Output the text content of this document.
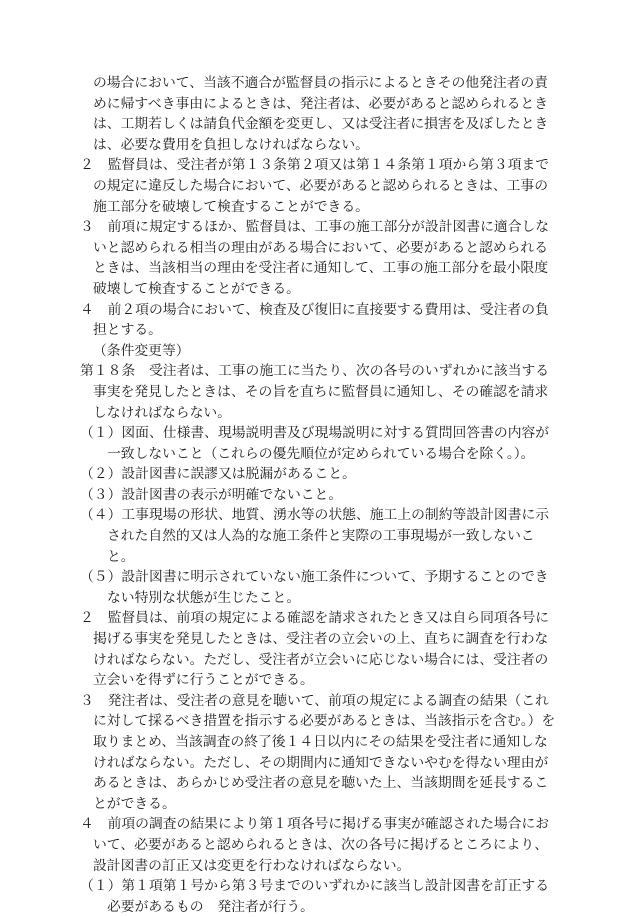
の場合において、当該不適合が監督員の指示によるときその他発注者の責めに帰すべき事由によるときは、発注者は、必要があると認められるときは、工期若しくは請負代金額を変更し、又は受注者に損害を及ぼしたときは、必要な費用を負担しなければならない。

２　監督員は、受注者が第１３条第２項又は第１４条第１項から第３項までの規定に違反した場合において、必要があると認められるときは、工事の施工部分を破壊して検査することができる。

３　前項に規定するほか、監督員は、工事の施工部分が設計図書に適合しないと認められる相当の理由がある場合において、必要があると認められるときは、当該相当の理由を受注者に通知して、工事の施工部分を最小限度破壊して検査することができる。

４　前２項の場合において、検査及び復旧に直接要する費用は、受注者の負担とする。

（条件変更等）

第１８条　受注者は、工事の施工に当たり、次の各号のいずれかに該当する事実を発見したときは、その旨を直ちに監督員に通知し、その確認を請求しなければならない。

（１）図面、仕様書、現場説明書及び現場説明に対する質問回答書の内容が一致しないこと（これらの優先順位が定められている場合を除く。）。

（２）設計図書に誤謬又は脱漏があること。

（３）設計図書の表示が明確でないこと。

（４）工事現場の形状、地質、湧水等の状態、施工上の制約等設計図書に示された自然的又は人為的な施工条件と実際の工事現場が一致しないこと。

（５）設計図書に明示されていない施工条件について、予期することのできない特別な状態が生じたこと。

２　監督員は、前項の規定による確認を請求されたとき又は自ら同項各号に掲げる事実を発見したときは、受注者の立会いの上、直ちに調査を行わなければならない。ただし、受注者が立会いに応じない場合には、受注者の立会いを得ずに行うことができる。

３　発注者は、受注者の意見を聴いて、前項の規定による調査の結果（これに対して採るべき措置を指示する必要があるときは、当該指示を含む。）を取りまとめ、当該調査の終了後１４日以内にその結果を受注者に通知しなければならない。ただし、その期間内に通知できないやむを得ない理由があるときは、あらかじめ受注者の意見を聴いた上、当該期間を延長することができる。

４　前項の調査の結果により第１項各号に掲げる事実が確認された場合において、必要があると認められるときは、次の各号に掲げるところにより、設計図書の訂正又は変更を行わなければならない。

（１）第１項第１号から第３号までのいずれかに該当し設計図書を訂正する必要があるもの　発注者が行う。
